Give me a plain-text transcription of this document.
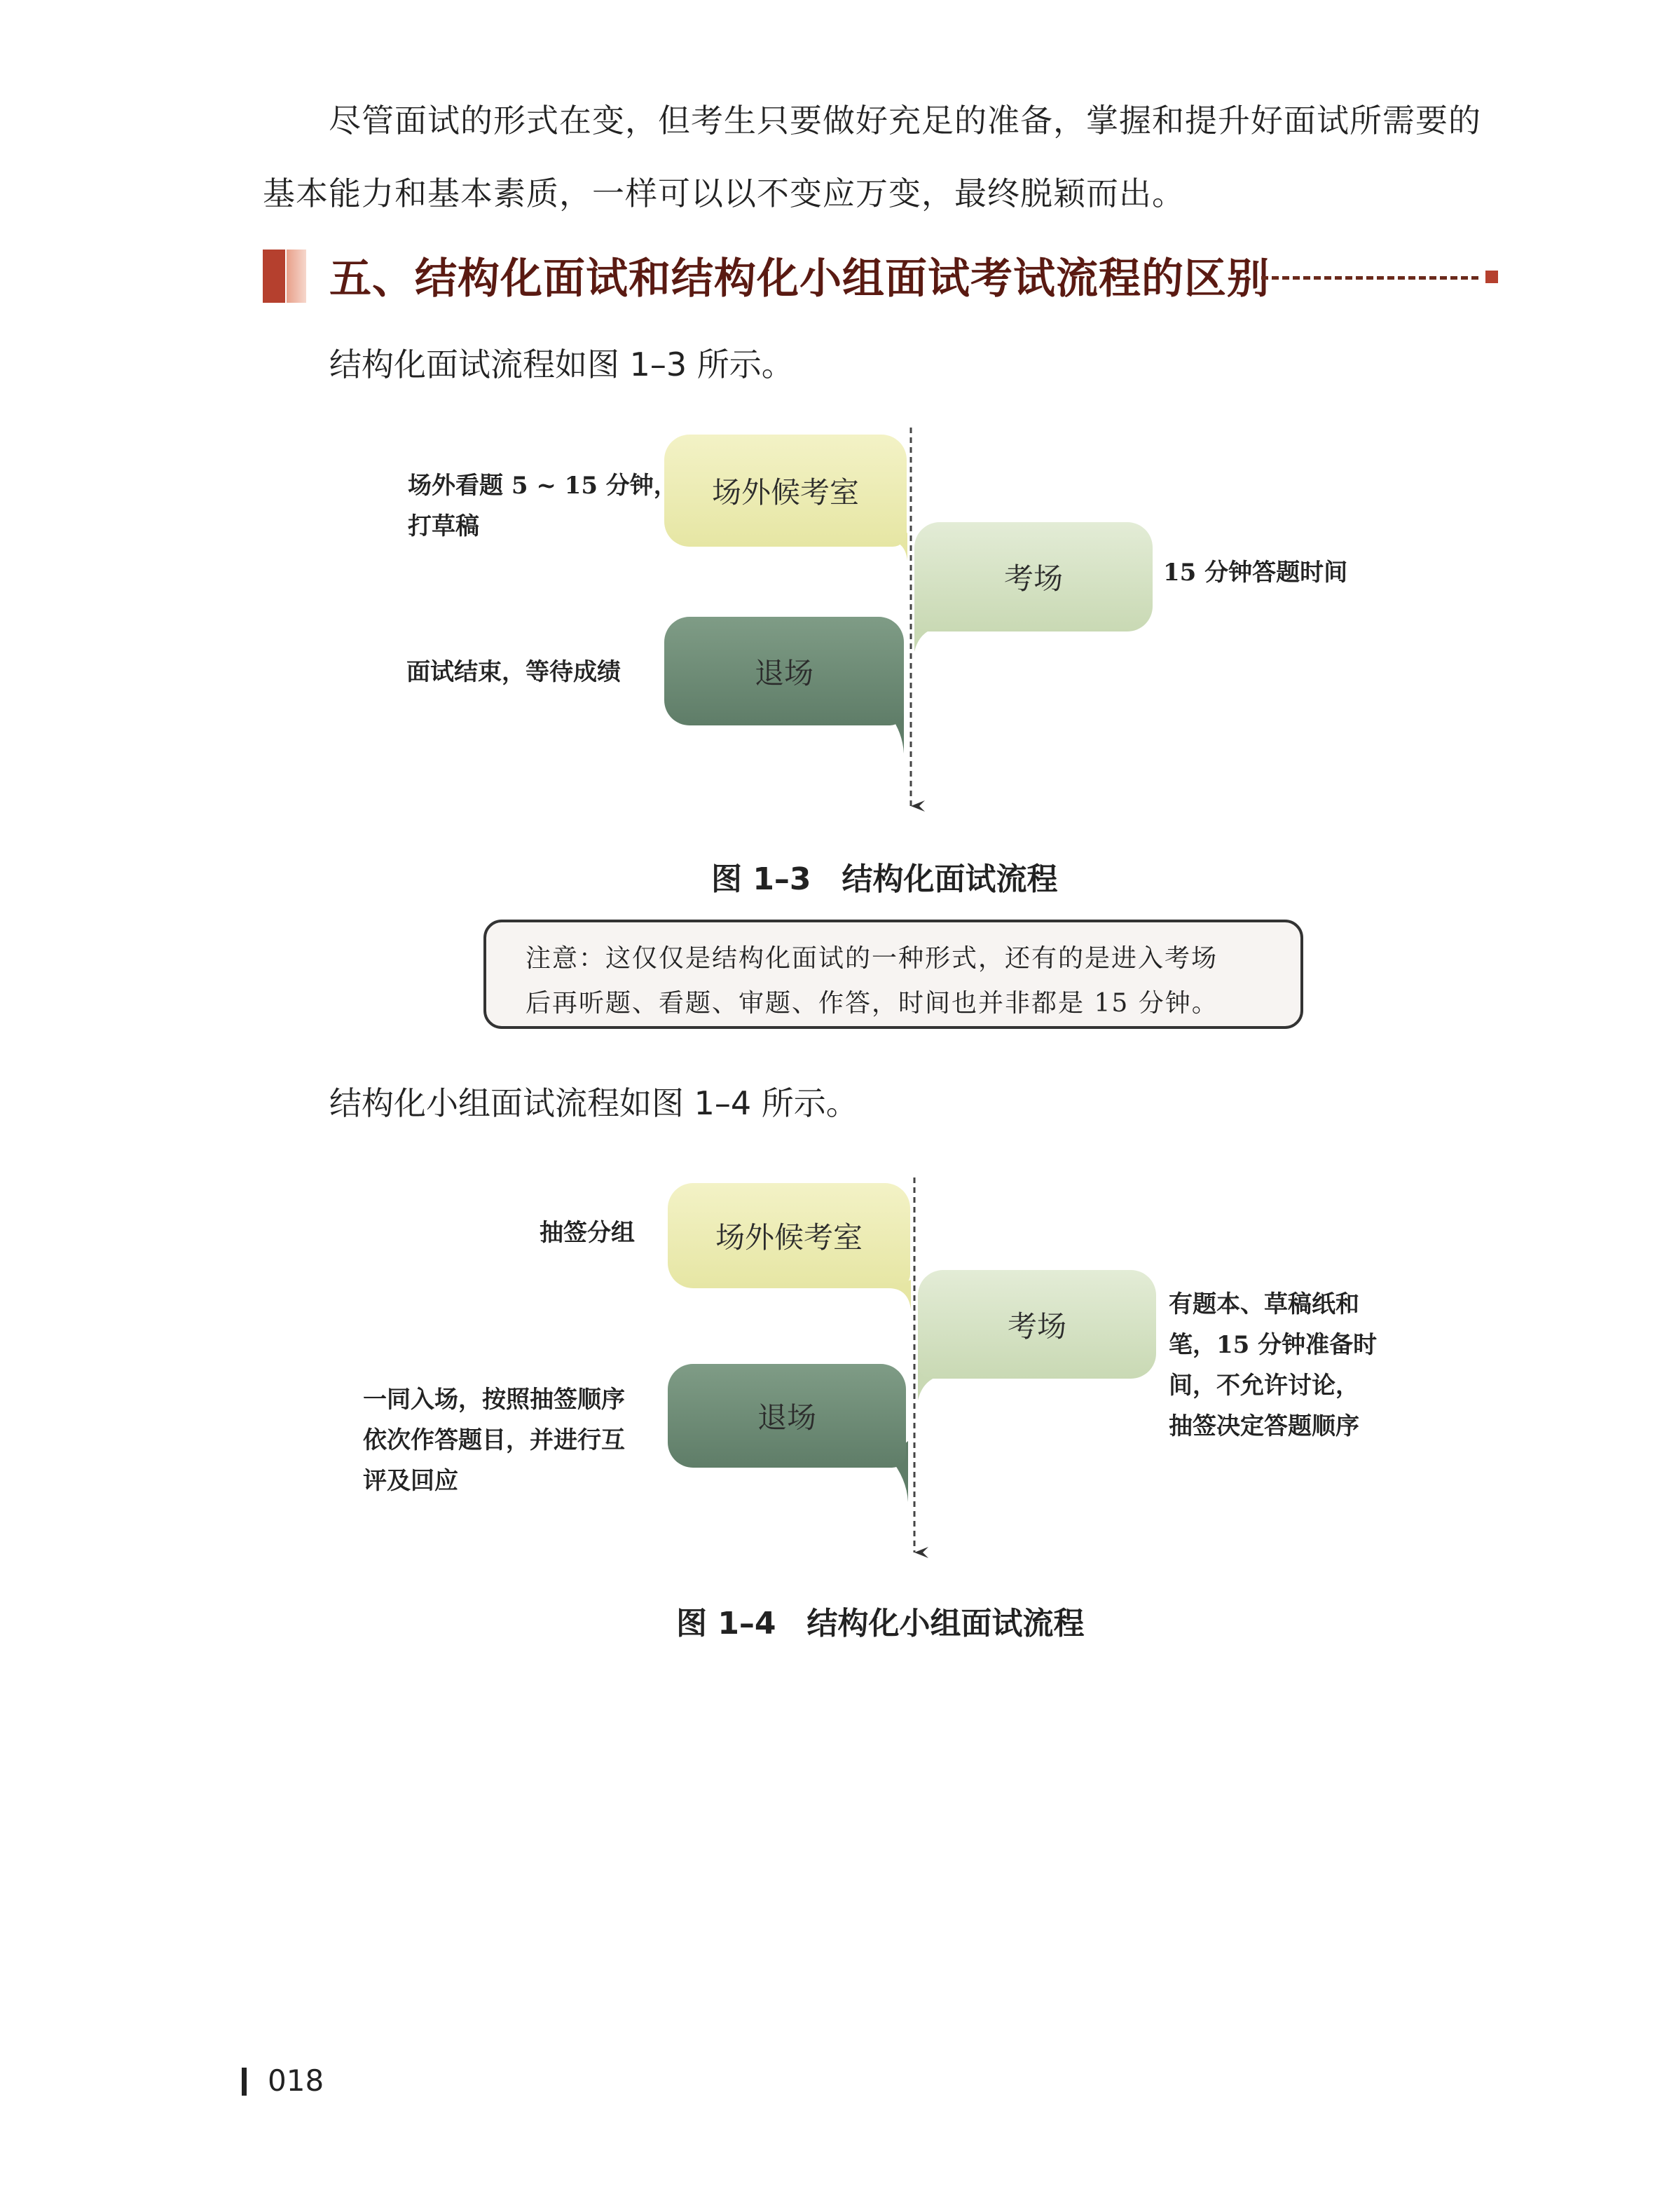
尽管面试的形式在变，但考生只要做好充足的准备，掌握和提升好面试所需要的基本能力和基本素质，一样可以以不变应万变，最终脱颖而出。

五、结构化面试和结构化小组面试考试流程的区别
结构化面试流程如图 1–3 所示。
场外候考室
考场
退场
场外看题 5 ~ 15 分钟，
打草稿
15 分钟答题时间
面试结束，等待成绩
图 1–3　结构化面试流程
注意：这仅仅是结构化面试的一种形式，还有的是进入考场
后再听题、看题、审题、作答，时间也并非都是 15 分钟。
结构化小组面试流程如图 1–4 所示。
场外候考室
考场
退场
抽签分组
有题本、草稿纸和
笔，15 分钟准备时
间，不允许讨论，
抽签决定答题顺序
一同入场，按照抽签顺序
依次作答题目，并进行互
评及回应
图 1–4　结构化小组面试流程
018
